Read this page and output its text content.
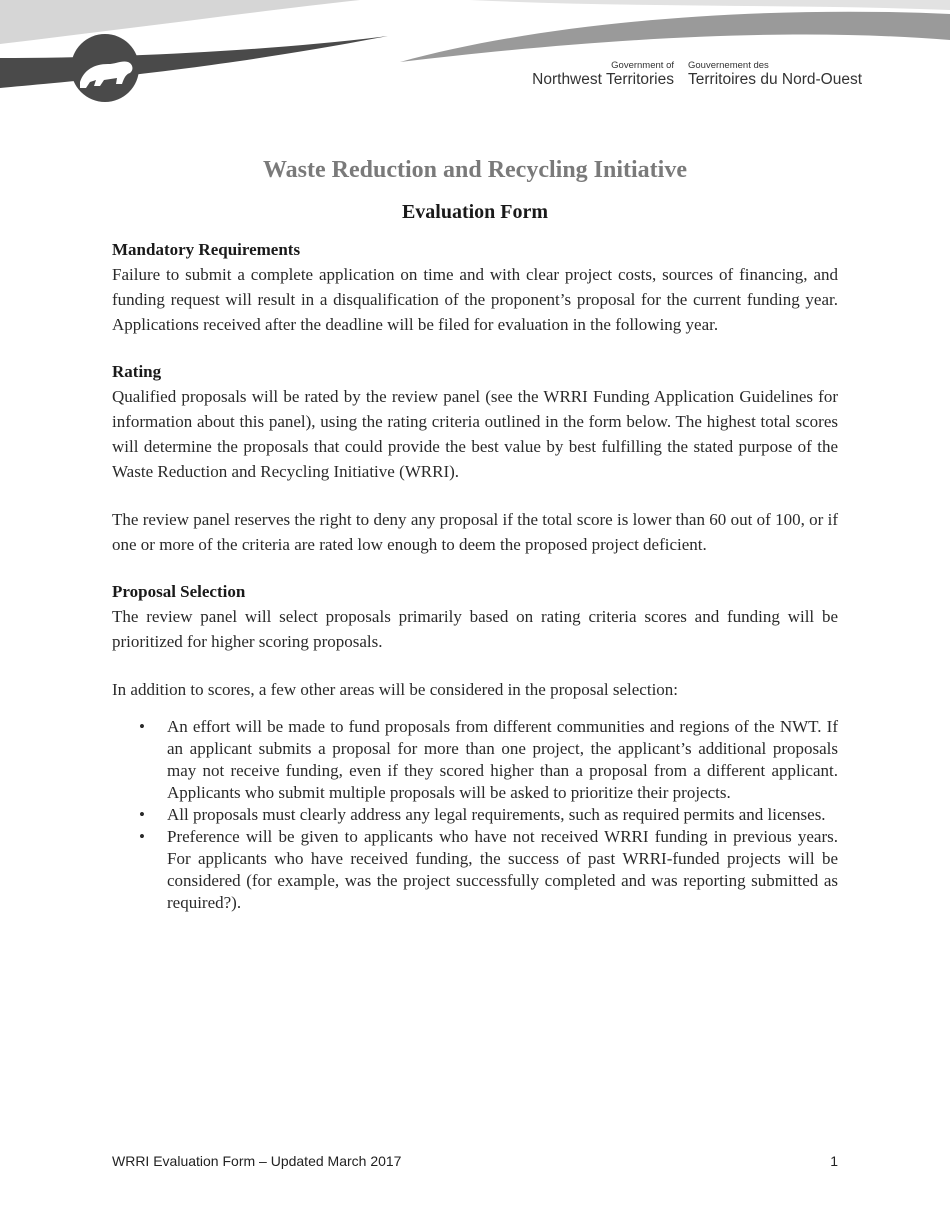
Government of
Northwest Territories
Gouvernement des
Territoires du Nord-Ouest
Waste Reduction and Recycling Initiative
Evaluation Form
Mandatory Requirements

Failure to submit a complete application on time and with clear project costs, sources of financing, and funding request will result in a disqualification of the proponent’s proposal for the current funding year. Applications received after the deadline will be filed for evaluation in the following year.

Rating

Qualified proposals will be rated by the review panel (see the WRRI Funding Application Guidelines for information about this panel), using the rating criteria outlined in the form below. The highest total scores will determine the proposals that could provide the best value by best fulfilling the stated purpose of the Waste Reduction and Recycling Initiative (WRRI).

The review panel reserves the right to deny any proposal if the total score is lower than 60 out of 100, or if one or more of the criteria are rated low enough to deem the proposed project deficient.

Proposal Selection

The review panel will select proposals primarily based on rating criteria scores and funding will be prioritized for higher scoring proposals.

In addition to scores, a few other areas will be considered in the proposal selection:

• An effort will be made to fund proposals from different communities and regions of the NWT. If an applicant submits a proposal for more than one project, the applicant’s additional proposals may not receive funding, even if they scored higher than a proposal from a different applicant. Applicants who submit multiple proposals will be asked to prioritize their projects.
• All proposals must clearly address any legal requirements, such as required permits and licenses.
• Preference will be given to applicants who have not received WRRI funding in previous years. For applicants who have received funding, the success of past WRRI-funded projects will be considered (for example, was the project successfully completed and was reporting submitted as required?).
WRRI Evaluation Form – Updated March 2017	1
